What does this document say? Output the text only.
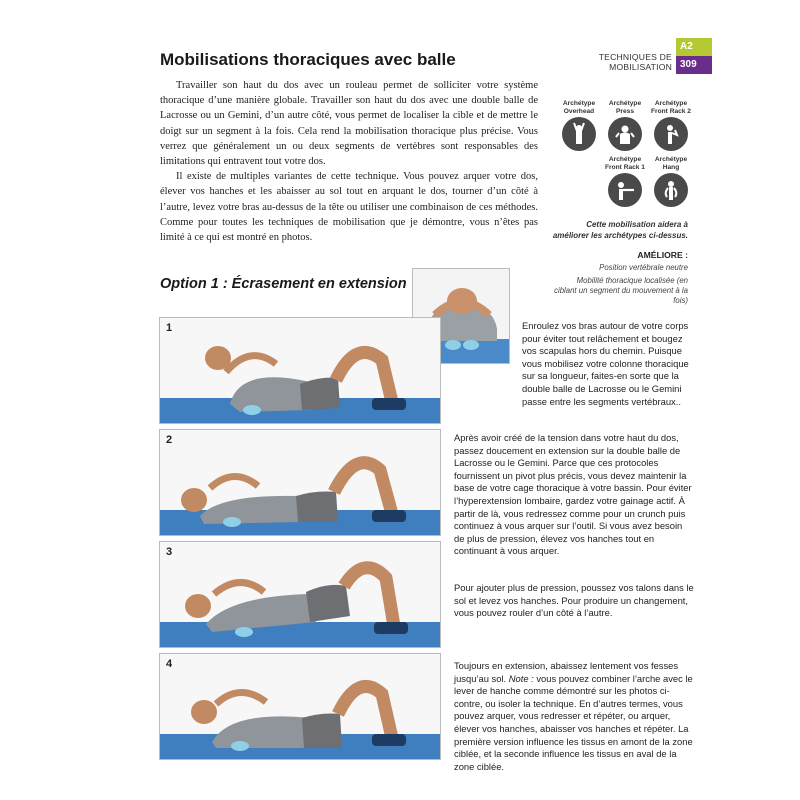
Mobilisations thoraciques avec balle	TECHNIQUES DE
MOBILISATION
A2
309

Travailler son haut du dos avec un rouleau permet de solliciter votre système thoracique d’une manière globale. Travailler son haut du dos avec une double balle de Lacrosse ou un Gemini, d’un autre côté, vous permet de localiser la cible et de mettre le doigt sur un segment à la fois. Cela rend la mobilisation thoracique plus précise. Vous verrez que généralement un ou deux segments de vertèbres sont responsables des limitations qui entravent tout votre dos.

Il existe de multiples variantes de cette technique. Vous pouvez arquer votre dos, élever vos hanches et les abaisser au sol tout en arquant le dos, tourner d’un côté à l’autre, levez votre bras au-dessus de la tête ou utiliser une combinaison de ces méthodes. Comme pour toutes les techniques de mobilisation que je démontre, vous n’êtes pas limité à ce qui est montré en photos.

Archétype
Overhead
Archétype
Press
Archétype
Front Rack 2
Archétype
Front Rack 1
Archétype
Hang
Cette mobilisation aidera à améliorer les archétypes ci-dessus.
AMÉLIORE :
Position vertébrale neutre
Mobilité thoracique localisée (en ciblant un segment du mouvement à la fois)
Option 1 : Écrasement en extension
1
2
3
4
Enroulez vos bras autour de votre corps pour éviter tout relâchement et bougez vos scapulas hors du chemin. Puisque vous mobilisez votre colonne thoracique sur sa longueur, faites-en sorte que la double balle de Lacrosse ou le Gemini passe entre les segments vertébraux..
Après avoir créé de la tension dans votre haut du dos, passez doucement en extension sur la double balle de Lacrosse ou le Gemini. Parce que ces protocoles fournissent un pivot plus précis, vous devez maintenir la base de votre cage thoracique à votre bassin. Pour éviter l’hyperextension lombaire, gardez votre gainage actif. À partir de là, vous redressez comme pour un crunch puis continuez à vous arquer sur l’outil. Si vous avez besoin de plus de pression, élevez vos hanches tout en continuant à vous arquer.
Pour ajouter plus de pression, poussez vos talons dans le sol et levez vos hanches. Pour produire un changement, vous pouvez rouler d’un côté à l’autre.
Toujours en extension, abaissez lentement vos fesses jusqu’au sol. Note : vous pouvez combiner l’arche avec le lever de hanche comme démontré sur les photos ci-contre, ou isoler la technique. En d’autres termes, vous pouvez arquer, vous redresser et répéter, ou arquer, élever vos hanches, abaisser vos hanches et répéter. La première version influence les tissus en amont de la zone ciblée, et la seconde influence les tissus en aval de la zone ciblée.
